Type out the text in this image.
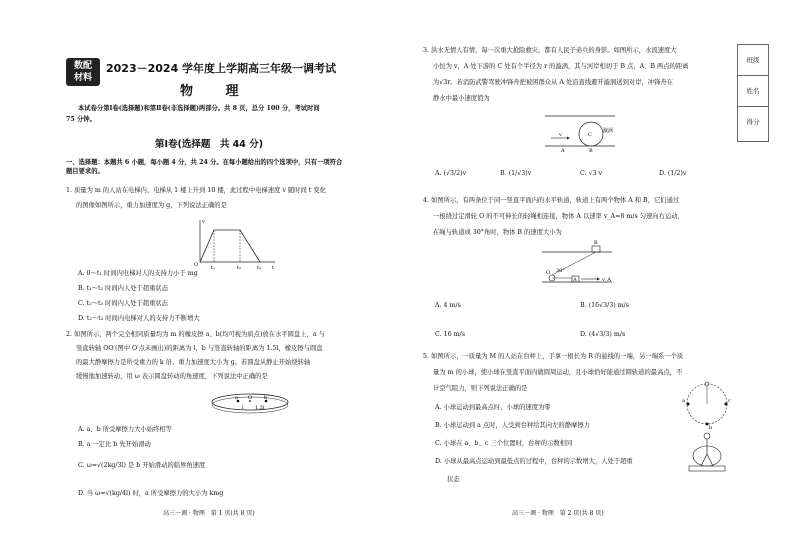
数配
材料
2023－2024 学年度上学期高三年级一调考试
物 理
本试卷分第Ⅰ卷(选择题)和第Ⅱ卷(非选择题)两部分。共 8 页，总分 100 分，考试时间
75 分钟。
第Ⅰ卷(选择题　共 44 分)
一、选择题：本题共 6 小题，每小题 4 分，共 24 分。在每小题给出的四个选项中，只有一项符合
题目要求的。
1. 质量为 m 的人站在电梯内，电梯从 1 楼上升到 10 楼，此过程中电梯速度 v 随时间 t 变化
的图像如图所示，重力加速度为 g，下列说法正确的是
v
O	t₁	t₂	t₃ t
A. 0～t₁ 时间内电梯对人的支持力小于 mg
B. t₁～t₂ 时间内人处于超重状态
C. t₂～t₃ 时间内人处于超重状态
D. t₂～t₃ 时间内电梯对人的支持力不断增大
2. 如图所示，两个完全相同质量均为 m 的橡皮擦 a、b(均可视为质点)放在水平圆盘上，a 与
竖直转轴 OO′(图中 O′点未画出)的距离为 l，b 与竖直转轴的距离为 1.5l，橡皮擦与圆盘
的最大静摩擦力是所受重力的 k 倍，重力加速度大小为 g。若圆盘从静止开始绕转轴
缓慢地加速转动，用 ω 表示圆盘转动的角速度，下列说法中正确的是
a O b
l 1.5l
A. a、b 所受摩擦力大小始终相等
B. a 一定比 b 先开始滑动
C. ω=√(2kg/3l) 是 b 开始滑动的临界角速度
D. 当 ω=√(kg/4l) 时，a 所受摩擦力的大小为 kmg
高三一调 · 物理　第 1 页(共 8 页)
3. 洪水无情人有情，每一次重大抢险救灾，都有人民子弟兵的身影。如图所示，水流速度大
小恒为 v，A 处下游的 C 处有个半径为 r 的漩涡，其与河岸相切于 B 点，A、B 两点的距离
为√3r。若消防武警驾驶冲锋舟把被困群众从 A 处沿直线避开漩涡送到对岸，冲锋舟在
静水中最小速度值为
v	C
漩涡
A	B
A. (√3/2)v	B. (1/√3)v	C. √3 v	D. (1/2)v
4. 如图所示，有两条位于同一竖直平面内的水平轨道，轨道上有两个物体 A 和 B，它们通过
一根绕过定滑轮 O 的不可伸长的轻绳相连接，物体 A 以速率 v_A=8 m/s 匀速向右运动，
在绳与轨道成 30°角时，物体 B 的速度大小为
B
O 30°
A	v_A
A. 4 m/s	B. (16√3/3) m/s
C. 16 m/s	D. (4√3/3) m/s
5. 如图所示，一质量为 M 的人站在台秤上，手拿一根长为 R 的悬线的一端，另一端系一个质
量为 m 的小球，使小球在竖直平面内做圆周运动，且小球恰好能通过圆轨道的最高点，不
计空气阻力，则下列说法正确的是
A. 小球运动到最高点时，小球的速度为零
B. 小球运动到 a 点时，人受到台秤给其向左的静摩擦力
C. 小球在 a、b、c 三个位置时，台秤的示数相同
D. 小球从最高点运动到最低点的过程中，台秤的示数增大，人处于超重
状态
a
b
c
高三一调 · 物理　第 2 页(共 8 页)
班级
姓名
得分
